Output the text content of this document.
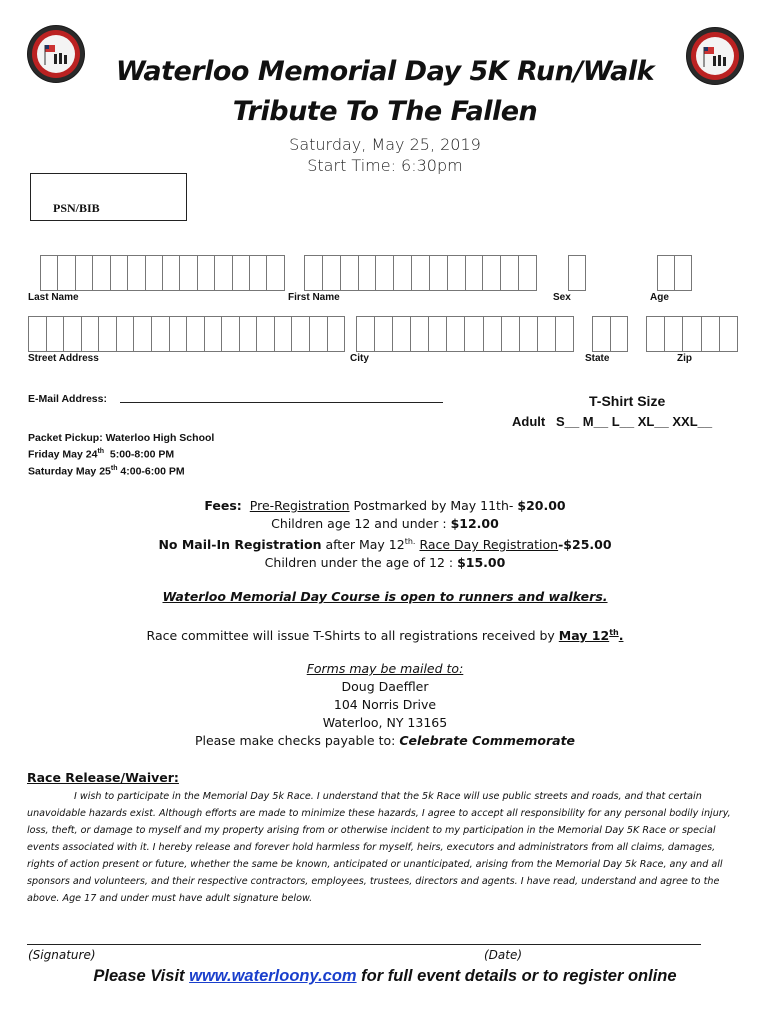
Waterloo Memorial Day 5K Run/Walk
Tribute To The Fallen
Saturday, May 25, 2019
Start Time: 6:30pm
PSN/BIB
Last Name	First Name	Sex	Age
Street Address	City	State	Zip
E-Mail Address:	T-Shirt Size
Adult   S__ M__ L__ XL__ XXL__
Packet Pickup: Waterloo High School
Friday May 24th  5:00-8:00 PM
Saturday May 25th 4:00-6:00 PM
Fees: Pre-Registration Postmarked by May 11th- $20.00
Children age 12 and under : $12.00
No Mail-In Registration after May $12^{th.}$ Race Day Registration-$25.00
Children under the age of 12 : $15.00
Waterloo Memorial Day Course is open to runners and walkers.
Race committee will issue T-Shirts to all registrations received by May 12th.
Forms may be mailed to:
Doug Daeffler
104 Norris Drive
Waterloo, NY 13165
Please make checks payable to: Celebrate Commemorate
Race Release/Waiver:
I wish to participate in the Memorial Day 5k Race. I understand that the 5k Race will use public streets and roads, and that certain unavoidable hazards exist. Although efforts are made to minimize these hazards, I agree to accept all responsibility for any personal bodily injury, loss, theft, or damage to myself and my property arising from or otherwise incident to my participation in the Memorial Day 5K Race or special events associated with it. I hereby release and forever hold harmless for myself, heirs, executors and administrators from all claims, damages, rights of action present or future, whether the same be known, anticipated or unanticipated, arising from the Memorial Day 5k Race, any and all sponsors and volunteers, and their respective contractors, employees, trustees, directors and agents. I have read, understand and agree to the above. Age 17 and under must have adult signature below.
(Signature)	(Date)
Please Visit www.waterloony.com for full event details or to register online
